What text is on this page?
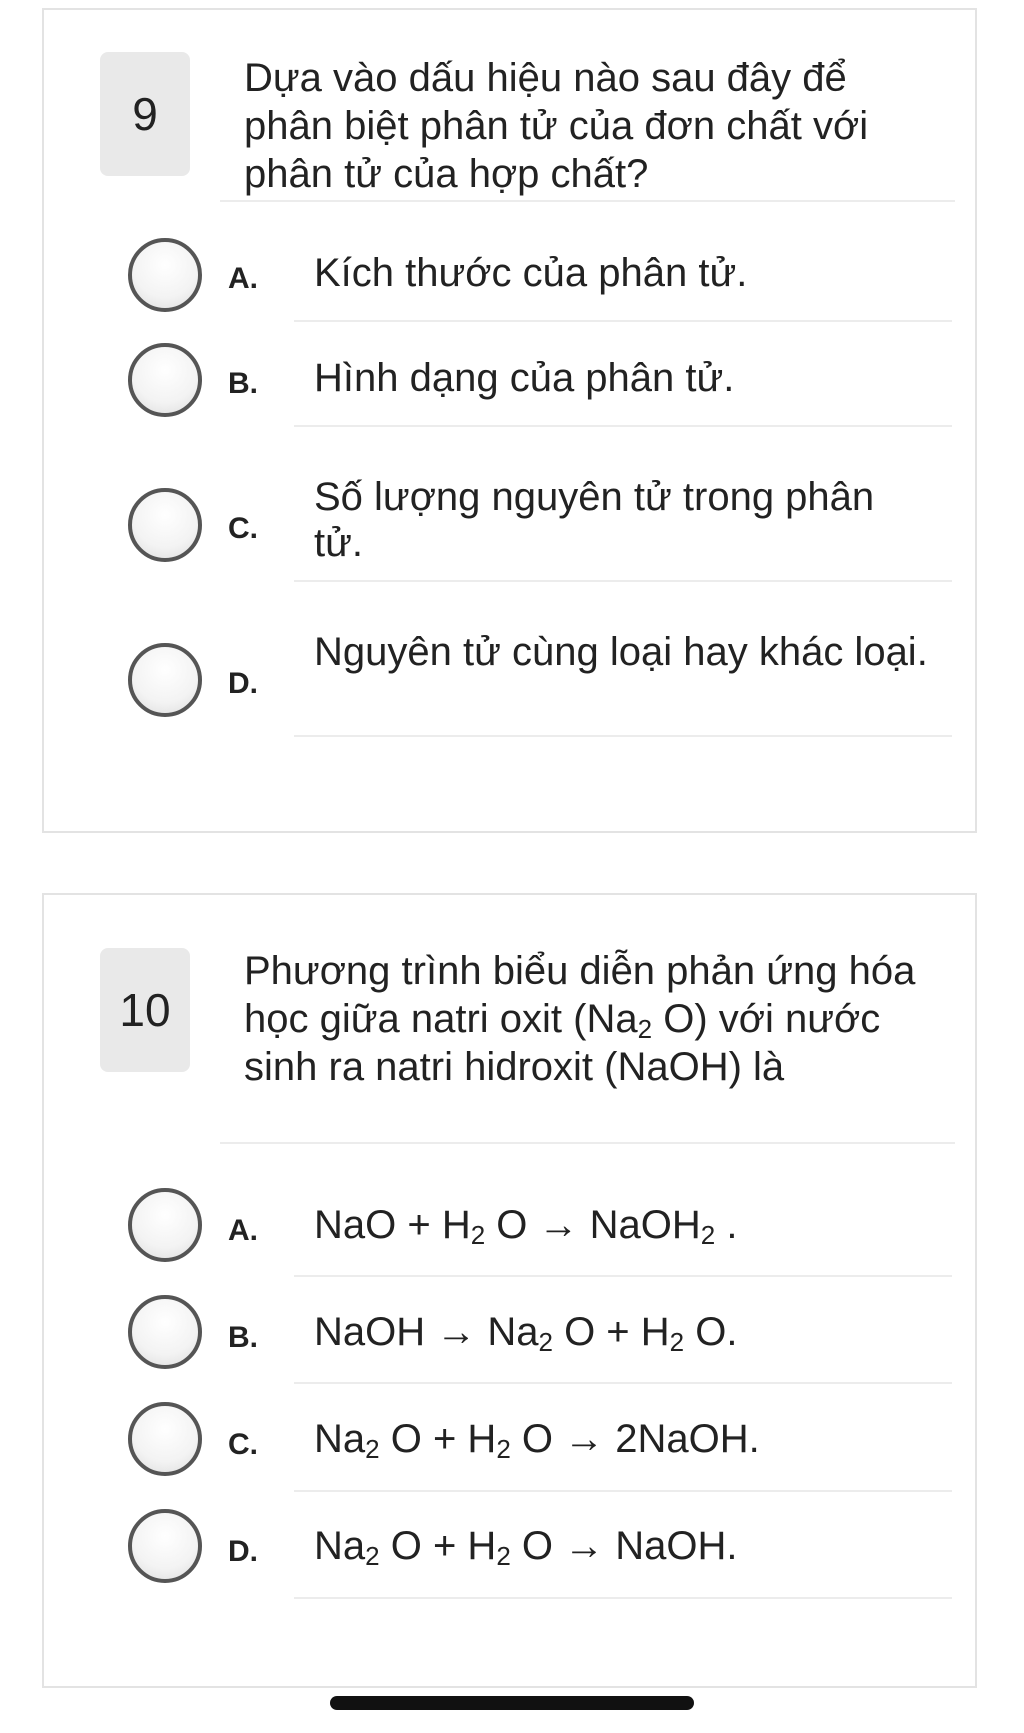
9
Dựa vào dấu hiệu nào sau đây để phân biệt phân tử của đơn chất với phân tử của hợp chất?
A. Kích thước của phân tử.
B. Hình dạng của phân tử.
C.
Số lượng nguyên tử trong phân tử.
D.
Nguyên tử cùng loại hay khác loại.
10
Phương trình biểu diễn phản ứng hóa học giữa natri oxit ($Na_2$ O) với nước sinh ra natri hidroxit (NaOH) là
A. NaO + $H_2$ O → NaOH$_2$ .
B. NaOH → $Na_2$ $O + H_2$ O.
C. $Na_2$ $O + H_2$ O → 2NaOH.
D. $Na_2$ $O + H_2$ O → NaOH.
